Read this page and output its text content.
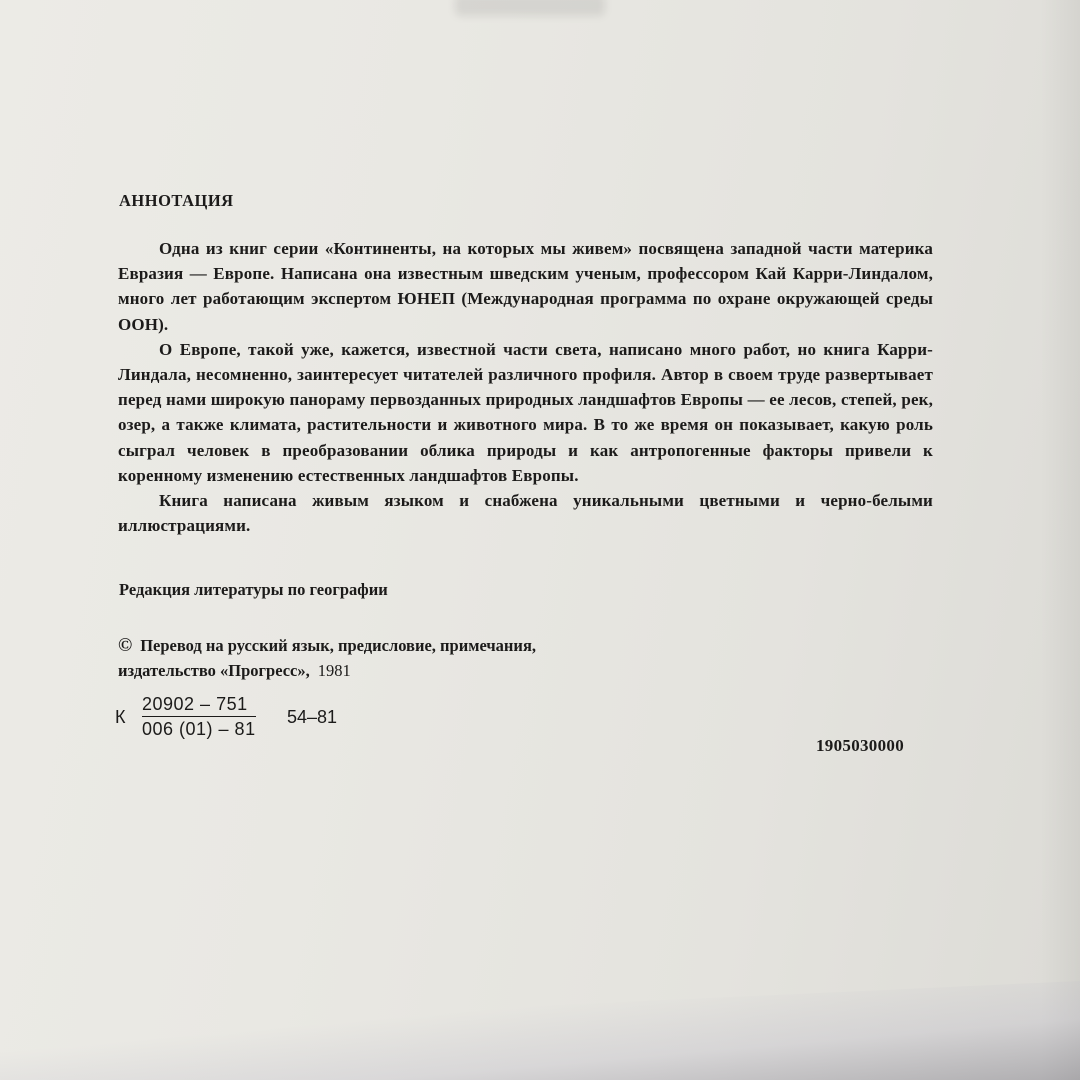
АННОТАЦИЯ

Одна из книг серии «Континенты, на которых мы живем» посвящена западной части материка Евразия — Европе. Написана она известным шведским ученым, профессором Кай Карри-Линдалом, много лет работающим экспертом ЮНЕП (Международная программа по охране окружающей среды ООН).

О Европе, такой уже, кажется, известной части света, написано много работ, но книга Карри-Линдала, несомненно, заинтересует читателей различного профиля. Автор в своем труде развертывает перед нами широкую панораму первозданных природных ландшафтов Европы — ее лесов, степей, рек, озер, а также климата, растительности и животного мира. В то же время он показывает, какую роль сыграл человек в преобразовании облика природы и как антропогенные факторы привели к коренному изменению естественных ландшафтов Европы.

Книга написана живым языком и снабжена уникальными цветными и черно-белыми иллюстрациями.

Редакция литературы по географии
© Перевод на русский язык, предисловие, примечания,
издательство «Прогресс», 1981
К $\frac{20902 - 751}{006 (01) - 81} 54-81$
1905030000
